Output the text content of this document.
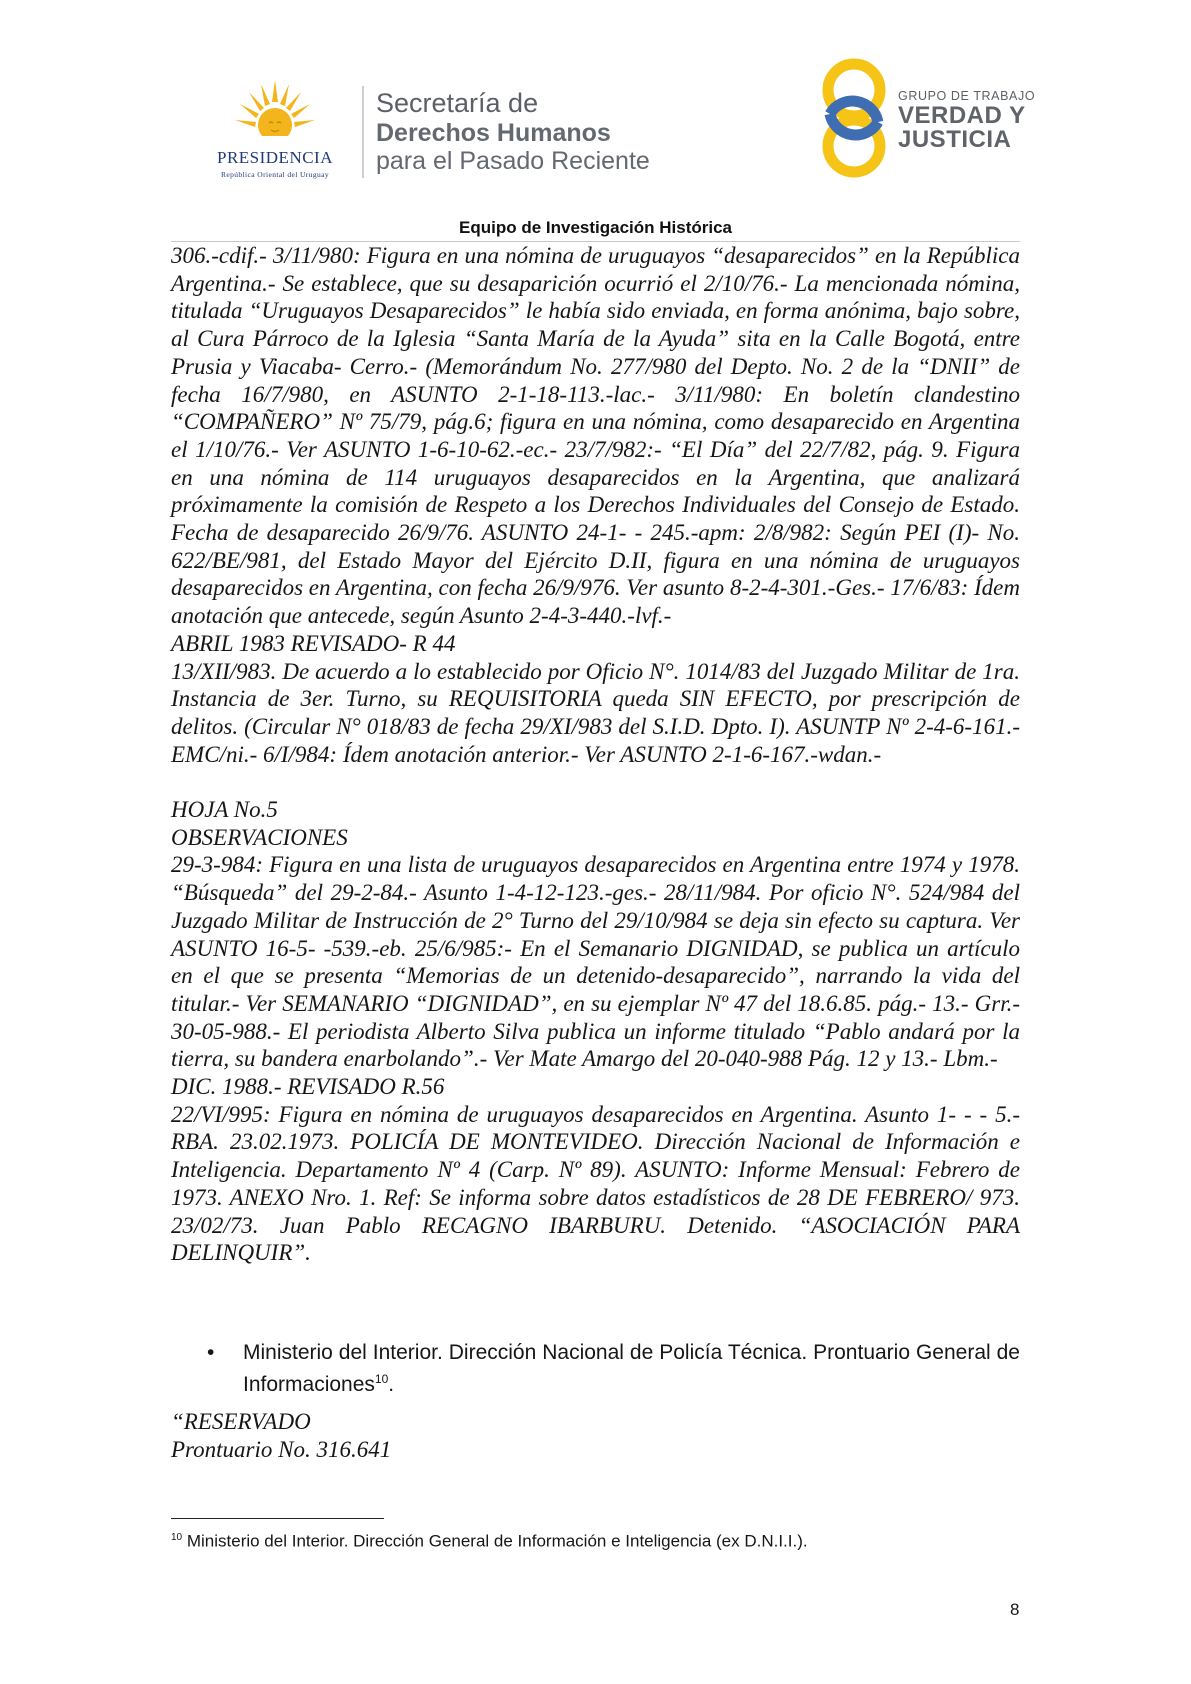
PRESIDENCIA
República Oriental del Uruguay
Secretaría de
Derechos Humanos
para el Pasado Reciente
GRUPO DE TRABAJO
VERDAD Y
JUSTICIA
Equipo de Investigación Histórica

306.-cdif.- 3/11/980: Figura en una nómina de uruguayos “desaparecidos” en la República Argentina.- Se establece, que su desaparición ocurrió el 2/10/76.- La mencionada nómina, titulada “Uruguayos Desaparecidos” le había sido enviada, en forma anónima, bajo sobre, al Cura Párroco de la Iglesia “Santa María de la Ayuda” sita en la Calle Bogotá, entre Prusia y Viacaba- Cerro.- (Memorándum No. 277/980 del Depto. No. 2 de la “DNII” de fecha 16/7/980, en ASUNTO 2-1-18-113.-lac.- 3/11/980: En boletín clandestino “COMPAÑERO” Nº 75/79, pág.6; figura en una nómina, como desaparecido en Argentina el 1/10/76.- Ver ASUNTO 1-6-10-62.-ec.- 23/7/982:- “El Día” del 22/7/82, pág. 9. Figura en una nómina de 114 uruguayos desaparecidos en la Argentina, que analizará próximamente la comisión de Respeto a los Derechos Individuales del Consejo de Estado. Fecha de desaparecido 26/9/76. ASUNTO 24-1- - 245.-apm: 2/8/982: Según PEI (I)- No. 622/BE/981, del Estado Mayor del Ejército D.II, figura en una nómina de uruguayos desaparecidos en Argentina, con fecha 26/9/976. Ver asunto 8-2-4-301.-Ges.- 17/6/83: Ídem anotación que antecede, según Asunto 2-4-3-440.-lvf.-

ABRIL 1983 REVISADO- R 44

13/XII/983. De acuerdo a lo establecido por Oficio N°. 1014/83 del Juzgado Militar de 1ra. Instancia de 3er. Turno, su REQUISITORIA queda SIN EFECTO, por prescripción de delitos. (Circular N° 018/83 de fecha 29/XI/983 del S.I.D. Dpto. I). ASUNTP Nº 2-4-6-161.- EMC/ni.- 6/I/984: Ídem anotación anterior.- Ver ASUNTO 2-1-6-167.-wdan.-

HOJA No.5

OBSERVACIONES

29-3-984: Figura en una lista de uruguayos desaparecidos en Argentina entre 1974 y 1978. “Búsqueda” del 29-2-84.- Asunto 1-4-12-123.-ges.- 28/11/984. Por oficio N°. 524/984 del Juzgado Militar de Instrucción de 2° Turno del 29/10/984 se deja sin efecto su captura. Ver ASUNTO 16-5- -539.-eb. 25/6/985:- En el Semanario DIGNIDAD, se publica un artículo en el que se presenta “Memorias de un detenido-desaparecido”, narrando la vida del titular.- Ver SEMANARIO “DIGNIDAD”, en su ejemplar Nº 47 del 18.6.85. pág.- 13.- Grr.- 30-05-988.- El periodista Alberto Silva publica un informe titulado “Pablo andará por la tierra, su bandera enarbolando”.- Ver Mate Amargo del 20-040-988 Pág. 12 y 13.- Lbm.-

DIC. 1988.- REVISADO R.56

22/VI/995: Figura en nómina de uruguayos desaparecidos en Argentina. Asunto 1- - - 5.-RBA. 23.02.1973. POLICÍA DE MONTEVIDEO. Dirección Nacional de Información e Inteligencia. Departamento Nº 4 (Carp. Nº 89). ASUNTO: Informe Mensual: Febrero de 1973. ANEXO Nro. 1. Ref: Se informa sobre datos estadísticos de 28 DE FEBRERO/ 973. 23/02/73. Juan Pablo RECAGNO IBARBURU. Detenido. “ASOCIACIÓN PARA DELINQUIR”.

• Ministerio del Interior. Dirección Nacional de Policía Técnica. Prontuario General de Informaciones$^{10}$.
“RESERVADO
Prontuario No. 316.641
$^{10}$ Ministerio del Interior. Dirección General de Información e Inteligencia (ex D.N.I.I.).
8
